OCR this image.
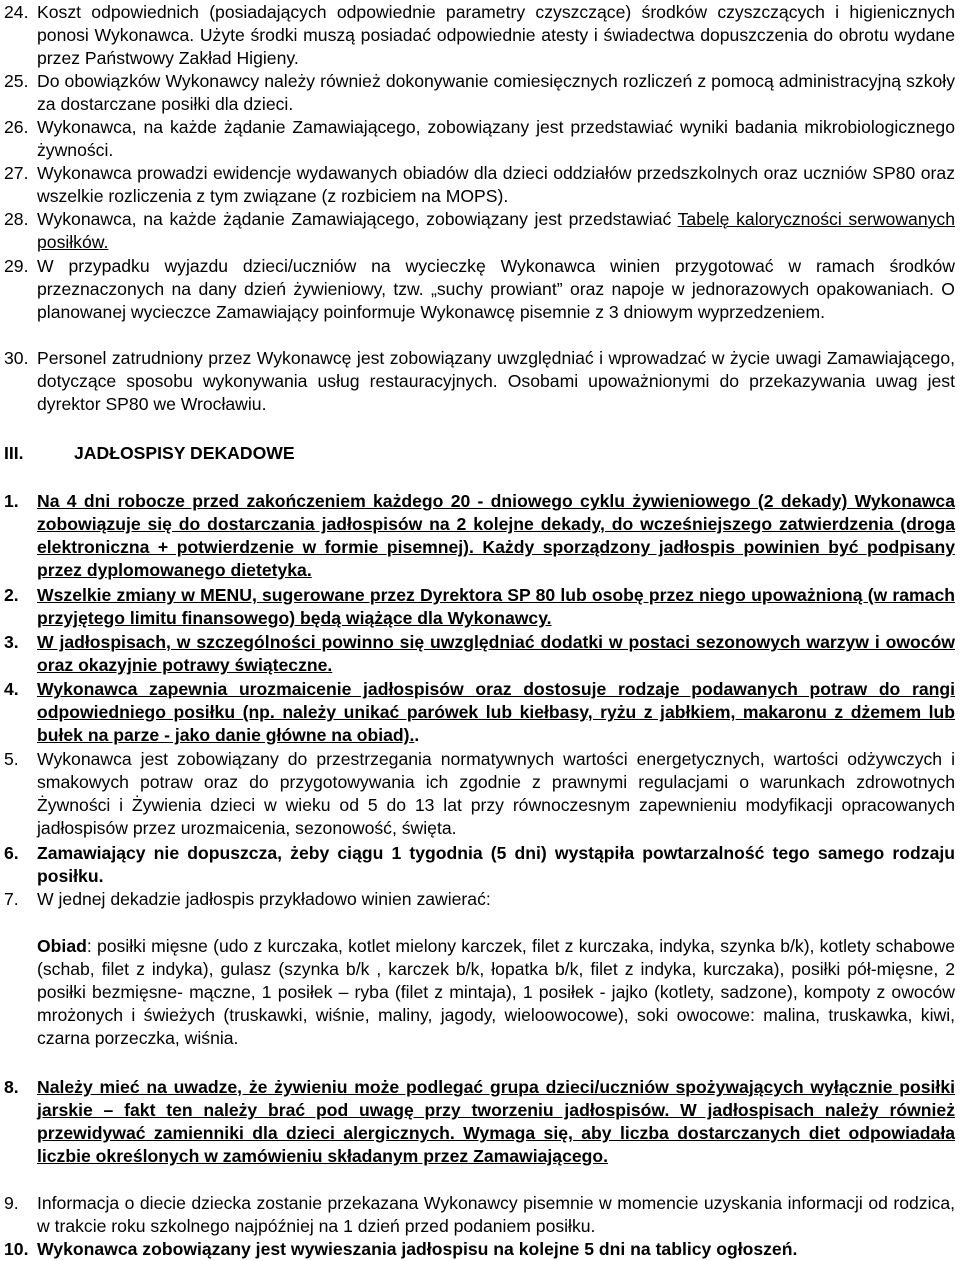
24. Koszt odpowiednich (posiadających odpowiednie parametry czyszczące) środków czyszczących i higienicznych ponosi Wykonawca. Użyte środki muszą posiadać odpowiednie atesty i świadectwa dopuszczenia do obrotu wydane przez Państwowy Zakład Higieny.
25. Do obowiązków Wykonawcy należy również dokonywanie comiesięcznych rozliczeń z pomocą administracyjną szkoły za dostarczane posiłki dla dzieci.
26. Wykonawca, na każde żądanie Zamawiającego, zobowiązany jest przedstawiać wyniki badania mikrobiologicznego żywności.
27. Wykonawca prowadzi ewidencje wydawanych obiadów dla dzieci oddziałów przedszkolnych oraz uczniów SP80 oraz wszelkie rozliczenia z tym związane (z rozbiciem na MOPS).
28. Wykonawca, na każde żądanie Zamawiającego, zobowiązany jest przedstawiać Tabelę kaloryczności serwowanych posiłków.
29. W przypadku wyjazdu dzieci/uczniów na wycieczkę Wykonawca winien przygotować w ramach środków przeznaczonych na dany dzień żywieniowy, tzw. „suchy prowiant” oraz napoje w jednorazowych opakowaniach. O planowanej wycieczce Zamawiający poinformuje Wykonawcę pisemnie z 3 dniowym wyprzedzeniem.
30. Personel zatrudniony przez Wykonawcę jest zobowiązany uwzględniać i wprowadzać w życie uwagi Zamawiającego, dotyczące sposobu wykonywania usług restauracyjnych. Osobami upoważnionymi do przekazywania uwag jest dyrektor SP80 we Wrocławiu.
III.	JADŁOSPISY DEKADOWE
1. Na 4 dni robocze przed zakończeniem każdego 20 - dniowego cyklu żywieniowego (2 dekady) Wykonawca zobowiązuje się do dostarczania jadłospisów na 2 kolejne dekady, do wcześniejszego zatwierdzenia (droga elektroniczna + potwierdzenie w formie pisemnej). Każdy sporządzony jadłospis powinien być podpisany przez dyplomowanego dietetyka.
2. Wszelkie zmiany w MENU, sugerowane przez Dyrektora SP 80 lub osobę przez niego upoważnioną (w ramach przyjętego limitu finansowego) będą wiążące dla Wykonawcy.
3. W jadłospisach, w szczególności powinno się uwzględniać dodatki w postaci sezonowych warzyw i owoców oraz okazyjnie potrawy świąteczne.
4. Wykonawca zapewnia urozmaicenie jadłospisów oraz dostosuje rodzaje podawanych potraw do rangi odpowiedniego posiłku (np. należy unikać parówek lub kiełbasy, ryżu z jabłkiem, makaronu z dżemem lub bułek na parze - jako danie główne na obiad)..
5. Wykonawca jest zobowiązany do przestrzegania normatywnych wartości energetycznych, wartości odżywczych i smakowych potraw oraz do przygotowywania ich zgodnie z prawnymi regulacjami o warunkach zdrowotnych Żywności i Żywienia dzieci w wieku od 5 do 13 lat przy równoczesnym zapewnieniu modyfikacji opracowanych jadłospisów przez urozmaicenia, sezonowość, święta.
6. Zamawiający nie dopuszcza, żeby ciągu 1 tygodnia (5 dni) wystąpiła powtarzalność tego samego rodzaju posiłku.
7. W jednej dekadzie jadłospis przykładowo winien zawierać:
Obiad: posiłki mięsne (udo z kurczaka, kotlet mielony karczek, filet z kurczaka, indyka, szynka b/k), kotlety schabowe (schab, filet z indyka), gulasz (szynka b/k , karczek b/k, łopatka b/k, filet z indyka, kurczaka), posiłki pół-mięsne, 2 posiłki bezmięsne- mączne, 1 posiłek – ryba (filet z mintaja), 1 posiłek - jajko (kotlety, sadzone), kompoty z owoców mrożonych i świeżych (truskawki, wiśnie, maliny, jagody, wieloowocowe), soki owocowe: malina, truskawka, kiwi, czarna porzeczka, wiśnia.
8. Należy mieć na uwadze, że żywieniu może podlegać grupa dzieci/uczniów spożywających wyłącznie posiłki jarskie – fakt ten należy brać pod uwagę przy tworzeniu jadłospisów. W jadłospisach należy również przewidywać zamienniki dla dzieci alergicznych. Wymaga się, aby liczba dostarczanych diet odpowiadała liczbie określonych w zamówieniu składanym przez Zamawiającego.
9. Informacja o diecie dziecka zostanie przekazana Wykonawcy pisemnie w momencie uzyskania informacji od rodzica, w trakcie roku szkolnego najpóźniej na 1 dzień przed podaniem posiłku.
10. Wykonawca zobowiązany jest wywieszania jadłospisu na kolejne 5 dni na tablicy ogłoszeń.
